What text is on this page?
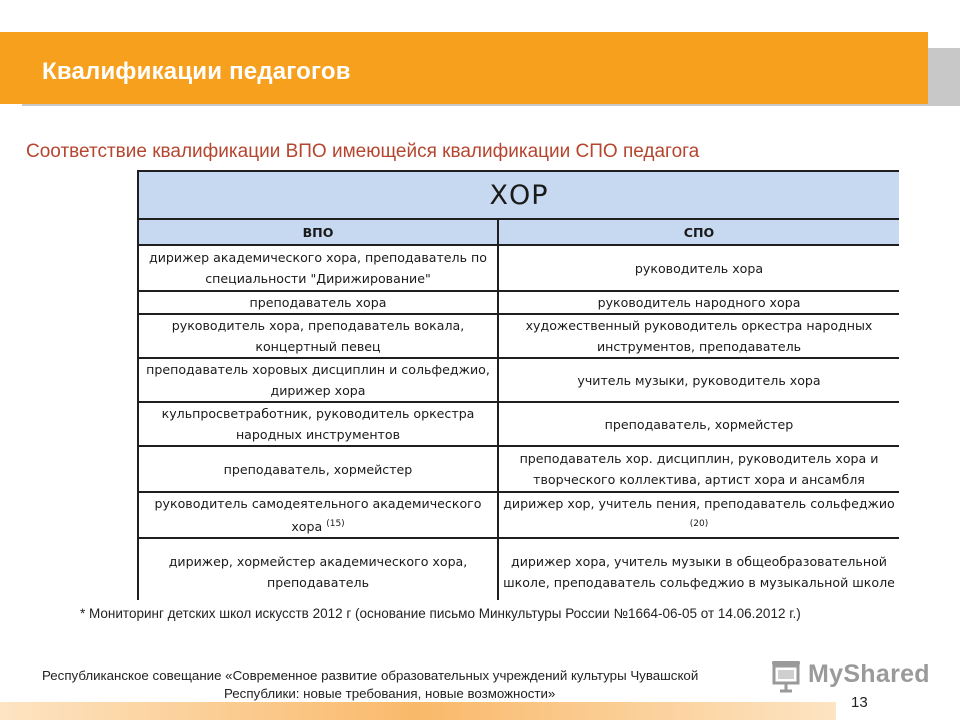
Квалификации педагогов
Соответствие квалификации ВПО имеющейся квалификации СПО педагога
ХОР	
ВПО	СПО
дирижер академического хора, преподаватель по специальности "Дирижирование"	руководитель хора
преподаватель хора	руководитель народного хора
руководитель хора, преподаватель вокала, концертный певец	художественный руководитель оркестра народных инструментов, преподаватель
преподаватель хоровых дисциплин и сольфеджио, дирижер хора	учитель музыки, руководитель хора
кульпросветработник, руководитель оркестра народных инструментов	преподаватель, хормейстер
преподаватель, хормейстер	преподаватель хор. дисциплин, руководитель хора и творческого коллектива, артист хора и ансамбля
руководитель самодеятельного академического хора $^{(15)}$	дирижер хор, учитель пения, преподаватель сольфеджио $^{(20)}$
дирижер, хормейстер академического хора, преподаватель	дирижер хора, учитель музыки в общеобразовательной школе, преподаватель сольфеджио в музыкальной школе
* Мониторинг детских школ искусств 2012 г (основание письмо Минкультуры России №1664-06-05 от 14.06.2012 г.)
Республиканское совещание «Современное развитие образовательных учреждений культуры Чувашской
Республики: новые требования, новые возможности»
MyShared
13
